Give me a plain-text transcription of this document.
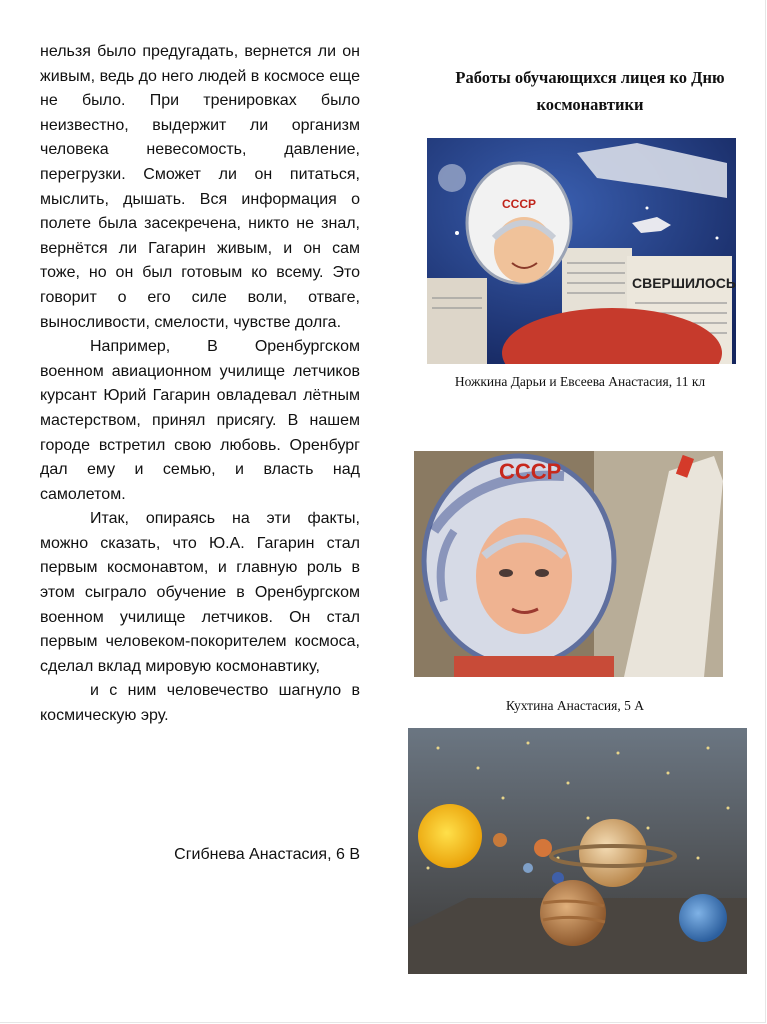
нельзя было предугадать, вернется ли он живым, ведь до него людей в космосе еще не было. При тренировках было неизвестно, выдержит ли организм человека невесомость, давление, перегрузки. Сможет ли он питаться, мыслить, дышать. Вся информация о полете была засекречена, никто не знал, вернётся ли Гагарин живым, и он сам тоже, но он был готовым ко всему. Это говорит о его силе воли, отваге, выносливости, смелости, чувстве долга.

Например, В Оренбургском военном авиационном училище летчиков курсант Юрий Гагарин овладевал лётным мастерством, принял присягу. В нашем городе встретил свою любовь. Оренбург дал ему и семью, и власть над самолетом.

Итак, опираясь на эти факты, можно сказать, что Ю.А. Гагарин стал первым космонавтом, и главную роль в этом сыграло обучение в Оренбургском военном училище летчиков. Он стал первым человеком-покорителем космоса, сделал вклад мировую космонавтику,

и с ним человечество шагнуло в космическую эру.

Сгибнева Анастасия, 6 В
Работы обучающихся лицея ко Дню космонавтики
СВЕРШИЛОСЬ
СССР
Ножкина Дарьи и Евсеева Анастасия, 11 кл
СССР
Кухтина Анастасия, 5 А
